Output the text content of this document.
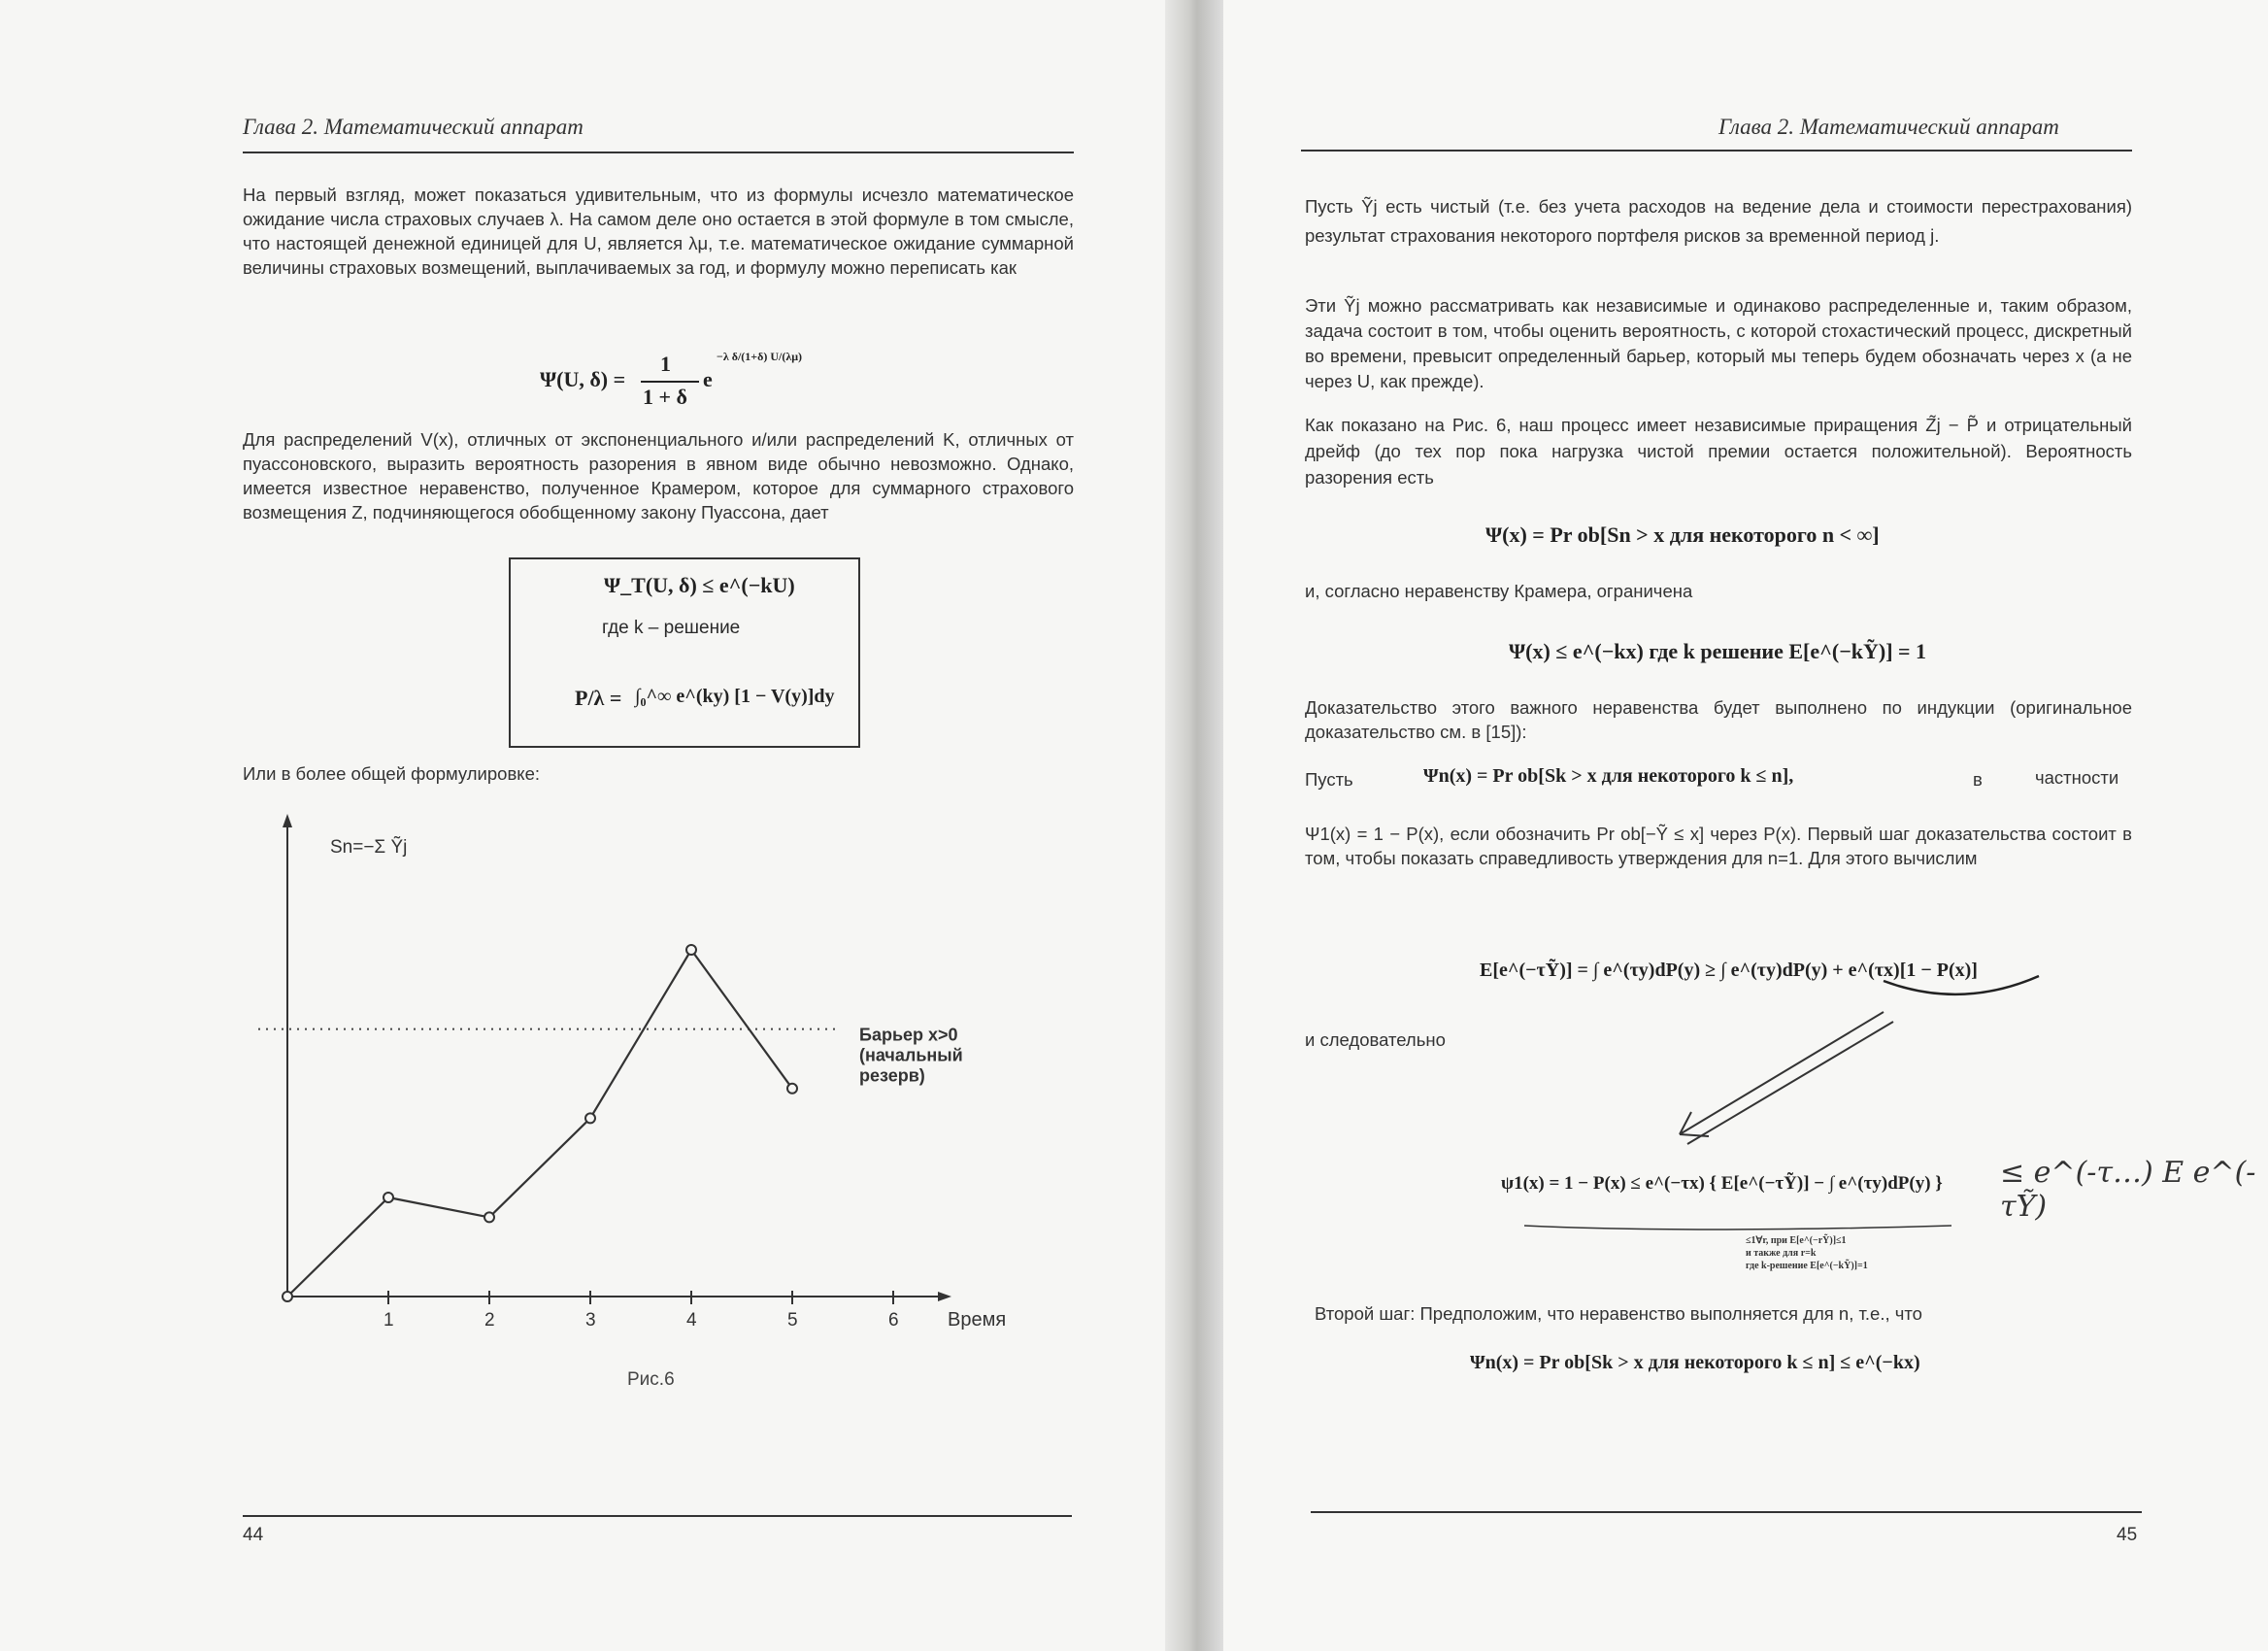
Глава 2. Математический аппарат
На первый взгляд, может показаться удивительным, что из формулы исчезло математическое ожидание числа страховых случаев λ. На самом деле оно остается в этой формуле в том смысле, что настоящей денежной единицей для U, является λμ, т.е. математическое ожидание суммарной величины страховых возмещений, выплачиваемых за год, и формулу можно переписать как
Ψ(U, δ) =
1
1 + δ
e
−λ δ/(1+δ) U/(λμ)
Для распределений V(x), отличных от экспоненциального и/или распределений K, отличных от пуассоновского, выразить вероятность разорения в явном виде обычно невозможно. Однако, имеется известное неравенство, полученное Крамером, которое для суммарного страхового возмещения Z, подчиняющегося обобщенному закону Пуассона, дает
Ψ_T(U, δ) ≤ e^(−kU)
где k – решение
P/λ = ∫₀^∞ e^(ky) [1 − V(y)]dy
Или в более общей формулировке:
Sn=−Σ Ỹj
Время
Барьер x>0
(начальный
резерв)
1	2	3	4	5	6
Рис.6
44
Глава 2. Математический аппарат
Пусть Ỹj есть чистый (т.е. без учета расходов на ведение дела и стоимости перестрахования) результат страхования некоторого портфеля рисков за временной период j.
Эти Ỹj можно рассматривать как независимые и одинаково распределенные и, таким образом, задача состоит в том, чтобы оценить вероятность, с которой стохастический процесс, дискретный во времени, превысит определенный барьер, который мы теперь будем обозначать через x (а не через U, как прежде).
Как показано на Рис. 6, наш процесс имеет независимые приращения Z̃j − P̃ и отрицательный дрейф (до тех пор пока нагрузка чистой премии остается положительной). Вероятность разорения есть
Ψ(x) = Pr ob[Sn > x для некоторого n < ∞]
и, согласно неравенству Крамера, ограничена
Ψ(x) ≤ e^(−kx) где k решение E[e^(−kỸ)] = 1
Доказательство этого важного неравенства будет выполнено по индукции (оригинальное доказательство см. в [15]):
Пусть	Ψn(x) = Pr ob[Sk > x для некоторого k ≤ n],	в	частности
Ψ1(x) = 1 − P(x), если обозначить Pr ob[−Ỹ ≤ x] через P(x). Первый шаг доказательства состоит в том, чтобы показать справедливость утверждения для n=1. Для этого вычислим
E[e^(−τỸ)] = ∫ e^(τy)dP(y) ≥ ∫ e^(τy)dP(y) + e^(τx)[1 − P(x)]
и следовательно
ψ1(x) = 1 − P(x) ≤ e^(−τx) { E[e^(−τỸ)] − ∫ e^(τy)dP(y) } ≤ e^(-τ…) E e^(-τỸ)
≤1∀r, при E[e^(−rỸ)]≤1
и также для r=k
где k-решение E[e^(−kỸ)]=1
Второй шаг: Предположим, что неравенство выполняется для n, т.е., что
Ψn(x) = Pr ob[Sk > x для некоторого k ≤ n] ≤ e^(−kx)
45
